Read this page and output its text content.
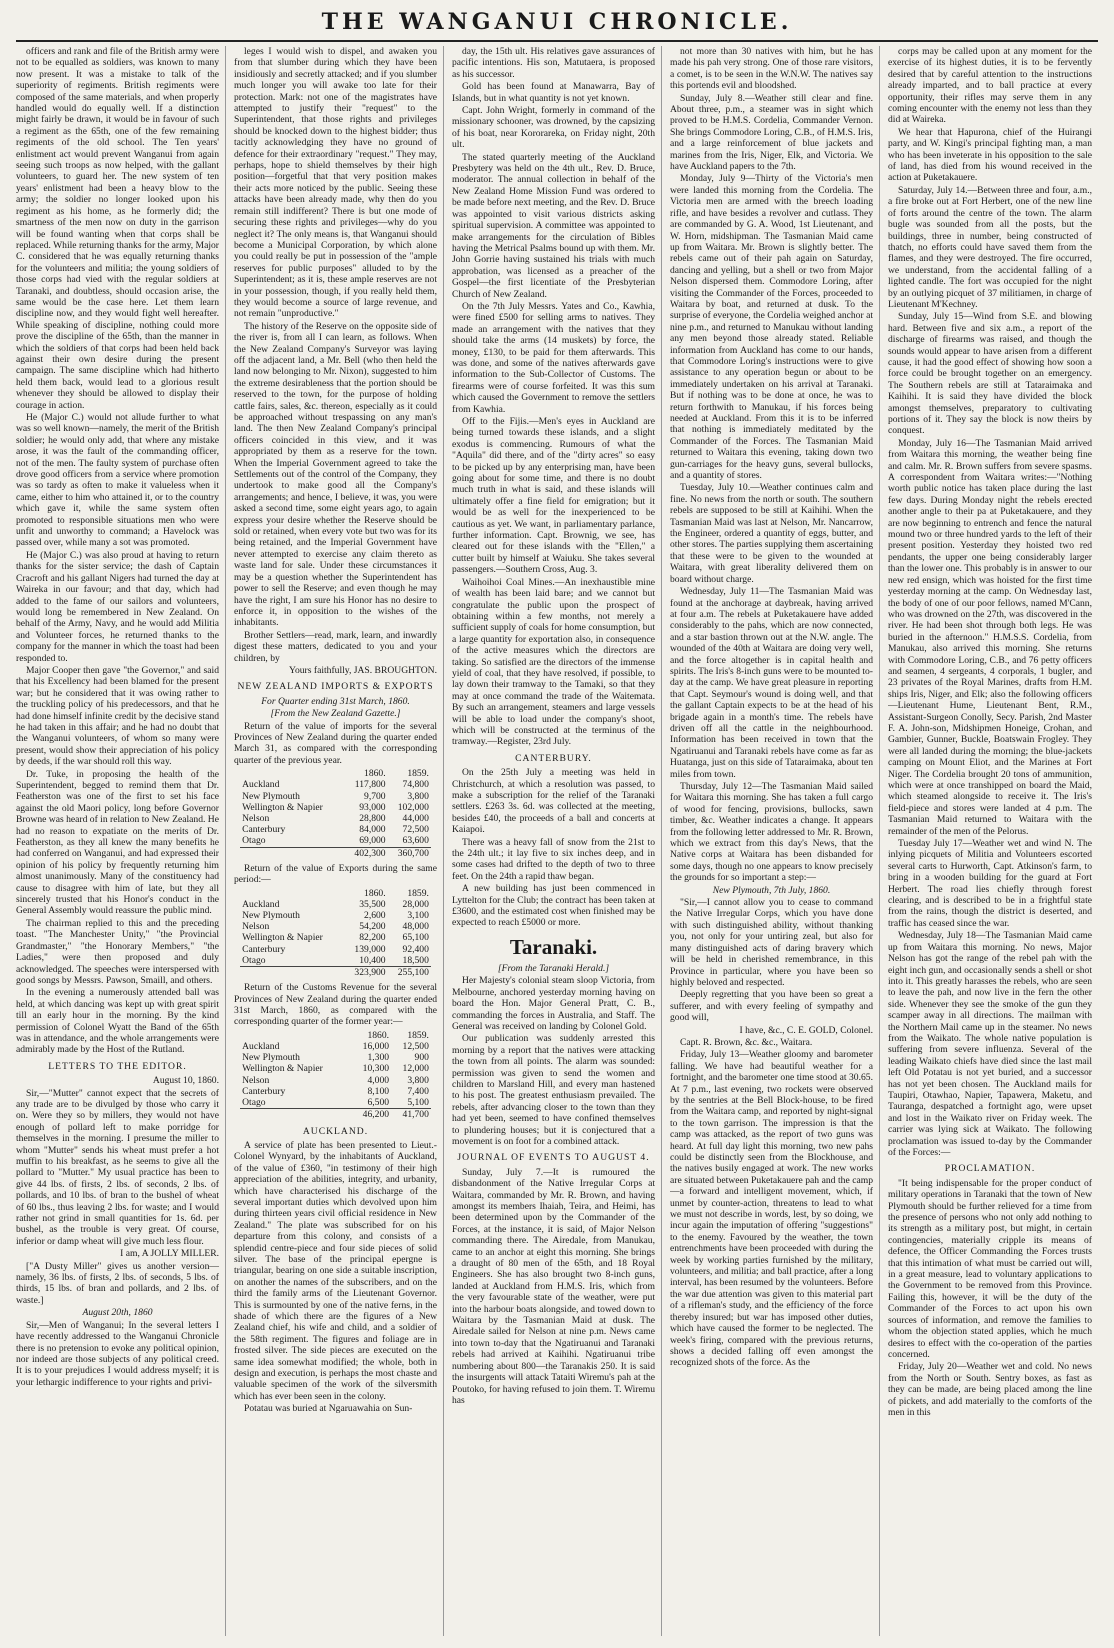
THE WANGANUI CHRONICLE.

officers and rank and file of the British army were not to be equalled as soldiers, was known to many now present. It was a mistake to talk of the superiority of regiments. British regiments were composed of the same materials, and when properly handled would do equally well. If a distinction might fairly be drawn, it would be in favour of such a regiment as the 65th, one of the few remaining regiments of the old school. The Ten years' enlistment act would prevent Wanganui from again seeing such troops as now helped, with the gallant volunteers, to guard her. The new system of ten years' enlistment had been a heavy blow to the army; the soldier no longer looked upon his regiment as his home, as he formerly did; the smartness of the men now on duty in the garrison will be found wanting when that corps shall be replaced. While returning thanks for the army, Major C. considered that he was equally returning thanks for the volunteers and militia; the young soldiers of those corps had vied with the regular soldiers at Taranaki, and doubtless, should occasion arise, the same would be the case here. Let them learn discipline now, and they would fight well hereafter. While speaking of discipline, nothing could more prove the discipline of the 65th, than the manner in which the soldiers of that corps had been held back against their own desire during the present campaign. The same discipline which had hitherto held them back, would lead to a glorious result whenever they should be allowed to display their courage in action.

He (Major C.) would not allude further to what was so well known—namely, the merit of the British soldier; he would only add, that where any mistake arose, it was the fault of the commanding officer, not of the men. The faulty system of purchase often drove good officers from a service where promotion was so tardy as often to make it valueless when it came, either to him who attained it, or to the country which gave it, while the same system often promoted to responsible situations men who were unfit and unworthy to command; a Havelock was passed over, while many a sot was promoted.

He (Major C.) was also proud at having to return thanks for the sister service; the dash of Captain Cracroft and his gallant Nigers had turned the day at Waireka in our favour; and that day, which had added to the fame of our sailors and volunteers, would long be remembered in New Zealand. On behalf of the Army, Navy, and he would add Militia and Volunteer forces, he returned thanks to the company for the manner in which the toast had been responded to.

Major Cooper then gave "the Governor," and said that his Excellency had been blamed for the present war; but he considered that it was owing rather to the truckling policy of his predecessors, and that he had done himself infinite credit by the decisive stand he had taken in this affair; and he had no doubt that the Wanganui volunteers, of whom so many were present, would show their appreciation of his policy by deeds, if the war should roll this way.

Dr. Tuke, in proposing the health of the Superintendent, begged to remind them that Dr. Featherston was one of the first to set his face against the old Maori policy, long before Governor Browne was heard of in relation to New Zealand. He had no reason to expatiate on the merits of Dr. Featherston, as they all knew the many benefits he had conferred on Wanganui, and had expressed their opinion of his policy by frequently returning him almost unanimously. Many of the constituency had cause to disagree with him of late, but they all sincerely trusted that his Honor's conduct in the General Assembly would reassure the public mind.

The chairman replied to this and the preceding toast. "The Manchester Unity," "the Provincial Grandmaster," "the Honorary Members," "the Ladies," were then proposed and duly acknowledged. The speeches were interspersed with good songs by Messrs. Pawson, Smaill, and others.

In the evening a numerously attended ball was held, at which dancing was kept up with great spirit till an early hour in the morning. By the kind permission of Colonel Wyatt the Band of the 65th was in attendance, and the whole arrangements were admirably made by the Host of the Rutland.

LETTERS TO THE EDITOR.

August 10, 1860.

Sir,—"Mutter" cannot expect that the secrets of any trade are to be divulged by those who carry it on. Were they so by millers, they would not have enough of pollard left to make porridge for themselves in the morning. I presume the miller to whom "Mutter" sends his wheat must prefer a hot muffin to his breakfast, as he seems to give all the pollard to "Mutter." My usual practice has been to give 44 lbs. of firsts, 2 lbs. of seconds, 2 lbs. of pollards, and 10 lbs. of bran to the bushel of wheat of 60 lbs., thus leaving 2 lbs. for waste; and I would rather not grind in small quantities for 1s. 6d. per bushel, as the trouble is very great. Of course, inferior or damp wheat will give much less flour.

I am, A JOLLY MILLER.

["A Dusty Miller" gives us another version—namely, 36 lbs. of firsts, 2 lbs. of seconds, 5 lbs. of thirds, 15 lbs. of bran and pollards, and 2 lbs. of waste.]

August 20th, 1860

Sir,—Men of Wanganui; In the several letters I have recently addressed to the Wanganui Chronicle there is no pretension to evoke any political opinion, nor indeed are those subjects of any political creed. It is to your prejudices I would address myself; it is your lethargic indifference to your rights and privi-

leges I would wish to dispel, and awaken you from that slumber during which they have been insidiously and secretly attacked; and if you slumber much longer you will awake too late for their protection. Mark: not one of the magistrates have attempted to justify their "request" to the Superintendent, that those rights and privileges should be knocked down to the highest bidder; thus tacitly acknowledging they have no ground of defence for their extraordinary "request." They may, perhaps, hope to shield themselves by their high position—forgetful that that very position makes their acts more noticed by the public. Seeing these attacks have been already made, why then do you remain still indifferent? There is but one mode of securing these rights and privileges—why do you neglect it? The only means is, that Wanganui should become a Municipal Corporation, by which alone you could really be put in possession of the "ample reserves for public purposes" alluded to by the Superintendent; as it is, these ample reserves are not in your possession, though, if you really held them, they would become a source of large revenue, and not remain "unproductive."

The history of the Reserve on the opposite side of the river is, from all I can learn, as follows. When the New Zealand Company's Surveyor was laying off the adjacent land, a Mr. Bell (who then held the land now belonging to Mr. Nixon), suggested to him the extreme desirableness that the portion should be reserved to the town, for the purpose of holding cattle fairs, sales, &c. thereon, especially as it could be approached without trespassing on any man's land. The then New Zealand Company's principal officers coincided in this view, and it was appropriated by them as a reserve for the town. When the Imperial Government agreed to take the Settlements out of the control of the Company, they undertook to make good all the Company's arrangements; and hence, I believe, it was, you were asked a second time, some eight years ago, to again express your desire whether the Reserve should be sold or retained, when every vote but two was for its being retained, and the Imperial Government have never attempted to exercise any claim thereto as waste land for sale. Under these circumstances it may be a question whether the Superintendent has power to sell the Reserve; and even though he may have the right, I am sure his Honor has no desire to enforce it, in opposition to the wishes of the inhabitants.

Brother Settlers—read, mark, learn, and inwardly digest these matters, dedicated to you and your children, by

Yours faithfully, JAS. BROUGHTON.

NEW ZEALAND IMPORTS & EXPORTS

For Quarter ending 31st March, 1860.

[From the New Zealand Gazette.]

Return of the value of imports for the several Provinces of New Zealand during the quarter ended March 31, as compared with the corresponding quarter of the previous year.

	1860.	1859.
Auckland	117,800	74,800
New Plymouth	9,700	3,800
Wellington & Napier	93,000	102,000
Nelson	28,800	44,000
Canterbury	84,000	72,500
Otago	69,000	63,600
	402,300	360,700

Return of the value of Exports during the same period:—

	1860.	1859.
Auckland	35,500	28,000
New Plymouth	2,600	3,100
Nelson	54,200	48,000
Wellington & Napier	82,200	65,100
Canterbury	139,000	92,400
Otago	10,400	18,500
	323,900	255,100

Return of the Customs Revenue for the several Provinces of New Zealand during the quarter ended 31st March, 1860, as compared with the corresponding quarter of the former year:—

	1860.	1859.
Auckland	16,000	12,500
New Plymouth	1,300	900
Wellington & Napier	10,300	12,000
Nelson	4,000	3,800
Canterbury	8,100	7,400
Otago	6,500	5,100
	46,200	41,700

AUCKLAND.

A service of plate has been presented to Lieut.-Colonel Wynyard, by the inhabitants of Auckland, of the value of £360, "in testimony of their high appreciation of the abilities, integrity, and urbanity, which have characterised his discharge of the several important duties which devolved upon him during thirteen years civil official residence in New Zealand." The plate was subscribed for on his departure from this colony, and consists of a splendid centre-piece and four side pieces of solid silver. The base of the principal epergne is triangular, bearing on one side a suitable inscription, on another the names of the subscribers, and on the third the family arms of the Lieutenant Governor. This is surmounted by one of the native ferns, in the shade of which there are the figures of a New Zealand chief, his wife and child, and a soldier of the 58th regiment. The figures and foliage are in frosted silver. The side pieces are executed on the same idea somewhat modified; the whole, both in design and execution, is perhaps the most chaste and valuable specimen of the work of the silversmith which has ever been seen in the colony.

Potatau was buried at Ngaruawahia on Sun-

day, the 15th ult. His relatives gave assurances of pacific intentions. His son, Matutaera, is proposed as his successor.

Gold has been found at Manawarra, Bay of Islands, but in what quantity is not yet known.

Capt. John Wright, formerly in command of the missionary schooner, was drowned, by the capsizing of his boat, near Kororareka, on Friday night, 20th ult.

The stated quarterly meeting of the Auckland Presbytery was held on the 4th ult., Rev. D. Bruce, moderator. The annual collection in behalf of the New Zealand Home Mission Fund was ordered to be made before next meeting, and the Rev. D. Bruce was appointed to visit various districts asking spiritual supervision. A committee was appointed to make arrangements for the circulation of Bibles having the Metrical Psalms bound up with them. Mr. John Gorrie having sustained his trials with much approbation, was licensed as a preacher of the Gospel—the first licentiate of the Presbyterian Church of New Zealand.

On the 7th July Messrs. Yates and Co., Kawhia, were fined £500 for selling arms to natives. They made an arrangement with the natives that they should take the arms (14 muskets) by force, the money, £130, to be paid for them afterwards. This was done, and some of the natives afterwards gave information to the Sub-Collector of Customs. The firearms were of course forfeited. It was this sum which caused the Government to remove the settlers from Kawhia.

Off to the Fijis.—Men's eyes in Auckland are being turned towards these islands, and a slight exodus is commencing. Rumours of what the "Aquila" did there, and of the "dirty acres" so easy to be picked up by any enterprising man, have been going about for some time, and there is no doubt much truth in what is said, and these islands will ultimately offer a fine field for emigration; but it would be as well for the inexperienced to be cautious as yet. We want, in parliamentary parlance, further information. Capt. Brownig, we see, has cleared out for these islands with the "Ellen," a cutter built by himself at Waiuku. She takes several passengers.—Southern Cross, Aug. 3.

Waihoihoi Coal Mines.—An inexhaustible mine of wealth has been laid bare; and we cannot but congratulate the public upon the prospect of obtaining within a few months, not merely a sufficient supply of coals for home consumption, but a large quantity for exportation also, in consequence of the active measures which the directors are taking. So satisfied are the directors of the immense yield of coal, that they have resolved, if possible, to lay down their tramway to the Tamaki, so that they may at once command the trade of the Waitemata. By such an arrangement, steamers and large vessels will be able to load under the company's shoot, which will be constructed at the terminus of the tramway.—Register, 23rd July.

CANTERBURY.

On the 25th July a meeting was held in Christchurch, at which a resolution was passed, to make a subscription for the relief of the Taranaki settlers. £263 3s. 6d. was collected at the meeting, besides £40, the proceeds of a ball and concerts at Kaiapoi.

There was a heavy fall of snow from the 21st to the 24th ult.; it lay five to six inches deep, and in some cases had drifted to the depth of two to three feet. On the 24th a rapid thaw began.

A new building has just been commenced in Lyttelton for the Club; the contract has been taken at £3600, and the estimated cost when finished may be expected to reach £5000 or more.

Taranaki.

[From the Taranaki Herald.]

Her Majesty's colonial steam sloop Victoria, from Melbourne, anchored yesterday morning having on board the Hon. Major General Pratt, C. B., commanding the forces in Australia, and Staff. The General was received on landing by Colonel Gold.

Our publication was suddenly arrested this morning by a report that the natives were attacking the town from all points. The alarm was sounded: permission was given to send the women and children to Marsland Hill, and every man hastened to his post. The greatest enthusiasm prevailed. The rebels, after advancing closer to the town than they had yet been, seemed to have confined themselves to plundering houses; but it is conjectured that a movement is on foot for a combined attack.

JOURNAL OF EVENTS TO AUGUST 4.

Sunday, July 7.—It is rumoured the disbandonment of the Native Irregular Corps at Waitara, commanded by Mr. R. Brown, and having amongst its members Ihaiah, Teira, and Heimi, has been determined upon by the Commander of the Forces, at the instance, it is said, of Major Nelson commanding there. The Airedale, from Manukau, came to an anchor at eight this morning. She brings a draught of 80 men of the 65th, and 18 Royal Engineers. She has also brought two 8-inch guns, landed at Auckland from H.M.S. Iris, which from the very favourable state of the weather, were put into the harbour boats alongside, and towed down to Waitara by the Tasmanian Maid at dusk. The Airedale sailed for Nelson at nine p.m. News came into town to-day that the Ngatiruanui and Taranaki rebels had arrived at Kaihihi. Ngatiruanui tribe numbering about 800—the Taranakis 250. It is said the insurgents will attack Tataiti Wiremu's pah at the Poutoko, for having refused to join them. T. Wiremu has

not more than 30 natives with him, but he has made his pah very strong. One of those rare visitors, a comet, is to be seen in the W.N.W. The natives say this portends evil and bloodshed.

Sunday, July 8.—Weather still clear and fine. About three, p.m., a steamer was in sight which proved to be H.M.S. Cordelia, Commander Vernon. She brings Commodore Loring, C.B., of H.M.S. Iris, and a large reinforcement of blue jackets and marines from the Iris, Niger, Elk, and Victoria. We have Auckland papers to the 7th.

Monday, July 9—Thirty of the Victoria's men were landed this morning from the Cordelia. The Victoria men are armed with the breech loading rifle, and have besides a revolver and cutlass. They are commanded by G. A. Wood, 1st Lieutenant, and W. Horn, midshipman. The Tasmanian Maid came up from Waitara. Mr. Brown is slightly better. The rebels came out of their pah again on Saturday, dancing and yelling, but a shell or two from Major Nelson dispersed them. Commodore Loring, after visiting the Commander of the Forces, proceeded to Waitara by boat, and returned at dusk. To the surprise of everyone, the Cordelia weighed anchor at nine p.m., and returned to Manukau without landing any men beyond those already stated. Reliable information from Auckland has come to our hands, that Commodore Loring's instructions were to give assistance to any operation begun or about to be immediately undertaken on his arrival at Taranaki. But if nothing was to be done at once, he was to return forthwith to Manukau, if his forces being needed at Auckland. From this it is to be inferred that nothing is immediately meditated by the Commander of the Forces. The Tasmanian Maid returned to Waitara this evening, taking down two gun-carriages for the heavy guns, several bullocks, and a quantity of stores.

Tuesday, July 10.—Weather continues calm and fine. No news from the north or south. The southern rebels are supposed to be still at Kaihihi. When the Tasmanian Maid was last at Nelson, Mr. Nancarrow, the Engineer, ordered a quantity of eggs, butter, and other stores. The parties supplying them ascertaining that these were to be given to the wounded at Waitara, with great liberality delivered them on board without charge.

Wednesday, July 11—The Tasmanian Maid was found at the anchorage at daybreak, having arrived at four a.m. The rebels at Puketakauere have added considerably to the pahs, which are now connected, and a star bastion thrown out at the N.W. angle. The wounded of the 40th at Waitara are doing very well, and the force altogether is in capital health and spirits. The Iris's 8-inch guns were to be mounted to-day at the camp. We have great pleasure in reporting that Capt. Seymour's wound is doing well, and that the gallant Captain expects to be at the head of his brigade again in a month's time. The rebels have driven off all the cattle in the neighbourhood. Information has been received in town that the Ngatiruanui and Taranaki rebels have come as far as Huatanga, just on this side of Tataraimaka, about ten miles from town.

Thursday, July 12—The Tasmanian Maid sailed for Waitara this morning. She has taken a full cargo of wood for fencing, provisions, bullocks, sawn timber, &c. Weather indicates a change. It appears from the following letter addressed to Mr. R. Brown, which we extract from this day's News, that the Native corps at Waitara has been disbanded for some days, though no one appears to know precisely the grounds for so important a step:—

New Plymouth, 7th July, 1860.

"Sir,—I cannot allow you to cease to command the Native Irregular Corps, which you have done with such distinguished ability, without thanking you, not only for your untiring zeal, but also for many distinguished acts of daring bravery which will be held in cherished remembrance, in this Province in particular, where you have been so highly beloved and respected.

Deeply regretting that you have been so great a sufferer, and with every feeling of sympathy and good will,

I have, &c., C. E. GOLD, Colonel.

Capt. R. Brown, &c. &c., Waitara.

Friday, July 13—Weather gloomy and barometer falling. We have had beautiful weather for a fortnight, and the barometer one time stood at 30.65. At 7 p.m., last evening, two rockets were observed by the sentries at the Bell Block-house, to be fired from the Waitara camp, and reported by night-signal to the town garrison. The impression is that the camp was attacked, as the report of two guns was heard. At full day light this morning, two new pahs could be distinctly seen from the Blockhouse, and the natives busily engaged at work. The new works are situated between Puketakauere pah and the camp—a forward and intelligent movement, which, if unmet by counter-action, threatens to lead to what we must not describe in words, lest, by so doing, we incur again the imputation of offering "suggestions" to the enemy. Favoured by the weather, the town entrenchments have been proceeded with during the week by working parties furnished by the military, volunteers, and militia; and ball practice, after a long interval, has been resumed by the volunteers. Before the war due attention was given to this material part of a rifleman's study, and the efficiency of the force thereby insured; but war has imposed other duties, which have caused the former to be neglected. The week's firing, compared with the previous returns, shows a decided falling off even amongst the recognized shots of the force. As the

corps may be called upon at any moment for the exercise of its highest duties, it is to be fervently desired that by careful attention to the instructions already imparted, and to ball practice at every opportunity, their rifles may serve them in any coming encounter with the enemy not less than they did at Waireka.

We hear that Hapurona, chief of the Huirangi party, and W. Kingi's principal fighting man, a man who has been inveterate in his opposition to the sale of land, has died from his wound received in the action at Puketakauere.

Saturday, July 14.—Between three and four, a.m., a fire broke out at Fort Herbert, one of the new line of forts around the centre of the town. The alarm bugle was sounded from all the posts, but the buildings, three in number, being constructed of thatch, no efforts could have saved them from the flames, and they were destroyed. The fire occurred, we understand, from the accidental falling of a lighted candle. The fort was occupied for the night by an outlying picquet of 37 militiamen, in charge of Lieutenant M'Kechney.

Sunday, July 15—Wind from S.E. and blowing hard. Between five and six a.m., a report of the discharge of firearms was raised, and though the sounds would appear to have arisen from a different cause, it had the good effect of showing how soon a force could be brought together on an emergency. The Southern rebels are still at Tataraimaka and Kaihihi. It is said they have divided the block amongst themselves, preparatory to cultivating portions of it. They say the block is now theirs by conquest.

Monday, July 16—The Tasmanian Maid arrived from Waitara this morning, the weather being fine and calm. Mr. R. Brown suffers from severe spasms. A correspondent from Waitara writes:—"Nothing worth public notice has taken place during the last few days. During Monday night the rebels erected another angle to their pa at Puketakauere, and they are now beginning to entrench and fence the natural mound two or three hundred yards to the left of their present position. Yesterday they hoisted two red pendants, the upper one being considerably larger than the lower one. This probably is in answer to our new red ensign, which was hoisted for the first time yesterday morning at the camp. On Wednesday last, the body of one of our poor fellows, named M'Cann, who was drowned on the 27th, was discovered in the river. He had been shot through both legs. He was buried in the afternoon." H.M.S.S. Cordelia, from Manukau, also arrived this morning. She returns with Commodore Loring, C.B., and 76 petty officers and seamen, 4 sergeants, 4 corporals, 1 bugler, and 23 privates of the Royal Marines, drafts from H.M. ships Iris, Niger, and Elk; also the following officers—Lieutenant Hume, Lieutenant Bent, R.M., Assistant-Surgeon Conolly, Secy. Parish, 2nd Master F. A. John-son, Midshipmen Honeige, Crohan, and Gambier, Gunner, Buckle, Boatswain Frogley. They were all landed during the morning; the blue-jackets camping on Mount Eliot, and the Marines at Fort Niger. The Cordelia brought 20 tons of ammunition, which were at once transhipped on board the Maid, which steamed alongside to receive it. The Iris's field-piece and stores were landed at 4 p.m. The Tasmanian Maid returned to Waitara with the remainder of the men of the Pelorus.

Tuesday July 17—Weather wet and wind N. The inlying picquets of Militia and Volunteers escorted several carts to Hurworth, Capt. Atkinson's farm, to bring in a wooden building for the guard at Fort Herbert. The road lies chiefly through forest clearing, and is described to be in a frightful state from the rains, though the district is deserted, and traffic has ceased since the war.

Wednesday, July 18—The Tasmanian Maid came up from Waitara this morning. No news, Major Nelson has got the range of the rebel pah with the eight inch gun, and occasionally sends a shell or shot into it. This greatly harasses the rebels, who are seen to leave the pah, and now live in the fern the other side. Whenever they see the smoke of the gun they scamper away in all directions. The mailman with the Northern Mail came up in the steamer. No news from the Waikato. The whole native population is suffering from severe influenza. Several of the leading Waikato chiefs have died since the last mail left Old Potatau is not yet buried, and a successor has not yet been chosen. The Auckland mails for Taupiri, Otawhao, Napier, Tapawera, Maketu, and Tauranga, despatched a fortnight ago, were upset and lost in the Waikato river on Friday week. The carrier was lying sick at Waikato. The following proclamation was issued to-day by the Commander of the Forces:—

PROCLAMATION.

"It being indispensable for the proper conduct of military operations in Taranaki that the town of New Plymouth should be further relieved for a time from the presence of persons who not only add nothing to its strength as a military post, but might, in certain contingencies, materially cripple its means of defence, the Officer Commanding the Forces trusts that this intimation of what must be carried out will, in a great measure, lead to voluntary applications to the Government to be removed from this Province. Failing this, however, it will be the duty of the Commander of the Forces to act upon his own sources of information, and remove the families to whom the objection stated applies, which he much desires to effect with the co-operation of the parties concerned.

Friday, July 20—Weather wet and cold. No news from the North or South. Sentry boxes, as fast as they can be made, are being placed among the line of pickets, and add materially to the comforts of the men in this
